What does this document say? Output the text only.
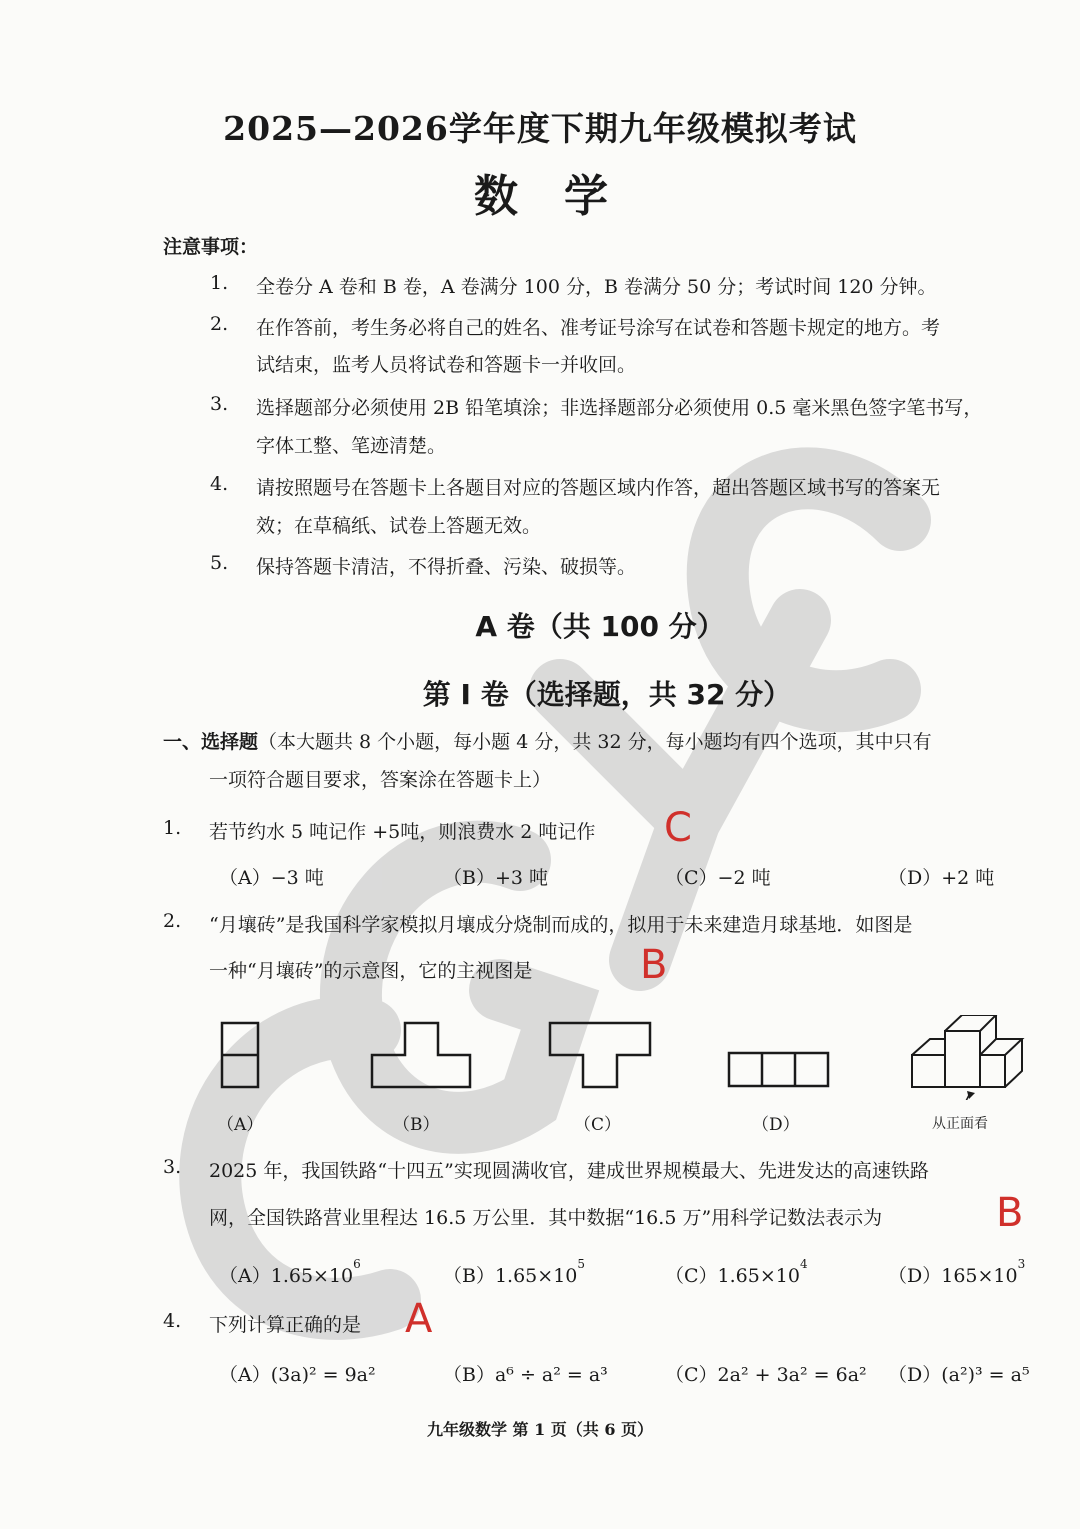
2025—2026学年度下期九年级模拟考试
数学
注意事项：
1. 全卷分 A 卷和 B 卷，A 卷满分 100 分，B 卷满分 50 分；考试时间 120 分钟。
2. 在作答前，考生务必将自己的姓名、准考证号涂写在试卷和答题卡规定的地方。考
试结束，监考人员将试卷和答题卡一并收回。
3. 选择题部分必须使用 2B 铅笔填涂；非选择题部分必须使用 0.5 毫米黑色签字笔书写，
字体工整、笔迹清楚。
4. 请按照题号在答题卡上各题目对应的答题区域内作答，超出答题区域书写的答案无
效；在草稿纸、试卷上答题无效。
5. 保持答题卡清洁，不得折叠、污染、破损等。
A 卷（共 100 分）
第 I 卷（选择题，共 32 分）
一、选择题（本大题共 8 个小题，每小题 4 分，共 32 分，每小题均有四个选项，其中只有
一项符合题目要求，答案涂在答题卡上）
1. 若节约水 5 吨记作 +5吨，则浪费水 2 吨记作 C
（A）−3 吨	（B）+3 吨	（C）−2 吨	（D）+2 吨
2. “月壤砖”是我国科学家模拟月壤成分烧制而成的，拟用于未来建造月球基地．如图是
一种“月壤砖”的示意图，它的主视图是	B
（A）	（B）	（C）	（D）	从正面看
3. 2025 年，我国铁路“十四五”实现圆满收官，建成世界规模最大、先进发达的高速铁路
网，全国铁路营业里程达 16.5 万公里．其中数据“16.5 万”用科学记数法表示为	B
$(A)1.65\times 10^6$
$(B)1.65\times 10^5$
$(C)1.65\times 10^4$
$(D)165\times 10^3$
4. 下列计算正确的是 A
（A）(3a)² = 9a²	（B）a⁶ ÷ a² = a³	（C）2a² + 3a² = 6a² （D）(a²)³ = a⁵
九年级数学 第 1 页（共 6 页）
